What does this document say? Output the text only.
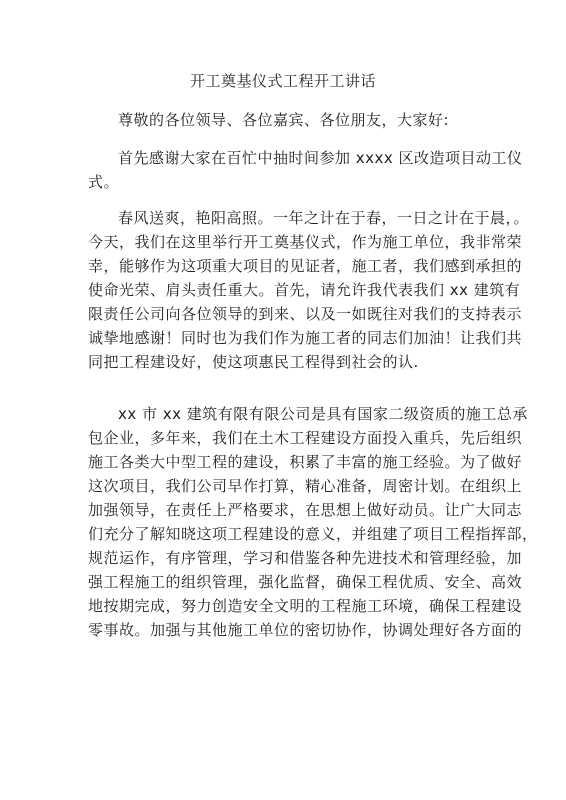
开工奠基仪式工程开工讲话
尊敬的各位领导、各位嘉宾、各位朋友，大家好:
首先感谢大家在百忙中抽时间参加 xxxx 区改造项目动工仪
式。
春风送爽，艳阳高照。一年之计在于春，一日之计在于晨，。
今天，我们在这里举行开工奠基仪式，作为施工单位，我非常荣
幸，能够作为这项重大项目的见证者，施工者，我们感到承担的
使命光荣、肩头责任重大。首先，请允许我代表我们 xx 建筑有
限责任公司向各位领导的到来、以及一如既往对我们的支持表示
诚挚地感谢！同时也为我们作为施工者的同志们加油！让我们共
同把工程建设好，使这项惠民工程得到社会的认.
xx 市 xx 建筑有限有限公司是具有国家二级资质的施工总承
包企业，多年来，我们在土木工程建设方面投入重兵，先后组织
施工各类大中型工程的建设，积累了丰富的施工经验。为了做好
这次项目，我们公司早作打算，精心准备，周密计划。在组织上
加强领导，在责任上严格要求，在思想上做好动员。让广大同志
们充分了解知晓这项工程建设的意义，并组建了项目工程指挥部，
规范运作，有序管理，学习和借鉴各种先进技术和管理经验，加
强工程施工的组织管理，强化监督，确保工程优质、安全、高效
地按期完成，努力创造安全文明的工程施工环境，确保工程建设
零事故。加强与其他施工单位的密切协作，协调处理好各方面的
